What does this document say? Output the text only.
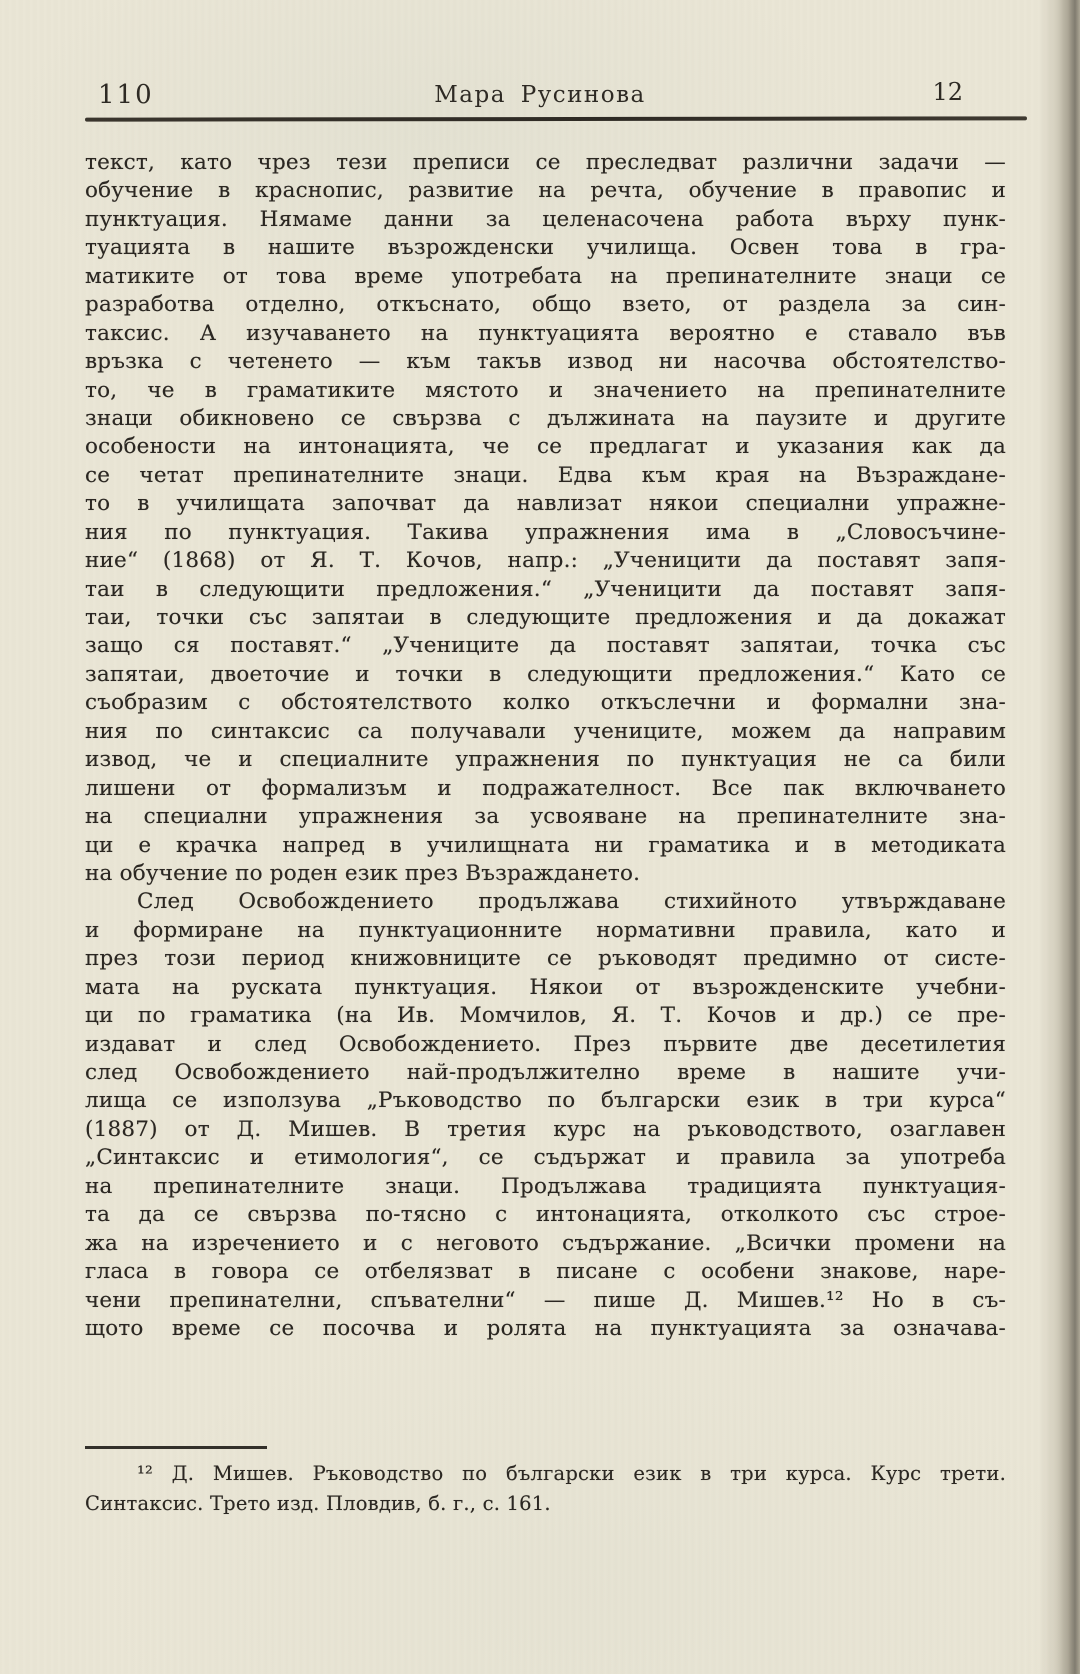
110	Мара Русинова	12
текст, като чрез тези преписи се преследват различни задачи —
обучение в краснопис, развитие на речта, обучение в правопис и
пунктуация. Нямаме данни за целенасочена работа върху пунк-
туацията в нашите възрожденски училища. Освен това в гра-
матиките от това време употребата на препинателните знаци се
разработва отделно, откъснато, общо взето, от раздела за син-
таксис. А изучаването на пунктуацията вероятно е ставало във
връзка с четенето — към такъв извод ни насочва обстоятелство-
то, че в граматиките мястото и значението на препинателните
знаци обикновено се свързва с дължината на паузите и другите
особености на интонацията, че се предлагат и указания как да
се четат препинателните знаци. Едва към края на Възраждане-
то в училищата започват да навлизат някои специални упражне-
ния по пунктуация. Такива упражнения има в „Словосъчине-
ние“ (1868) от Я. Т. Кочов, напр.: „Ученицити да поставят запя-
таи в следующити предложения.“ „Ученицити да поставят запя-
таи, точки със запятаи в следующите предложения и да докажат
защо ся поставят.“ „Учениците да поставят запятаи, точка със
запятаи, двоеточие и точки в следующити предложения.“ Като се
съобразим с обстоятелството колко откъслечни и формални зна-
ния по синтаксис са получавали учениците, можем да направим
извод, че и специалните упражнения по пунктуация не са били
лишени от формализъм и подражателност. Все пак включването
на специални упражнения за усвояване на препинателните зна-
ци е крачка напред в училищната ни граматика и в методиката
на обучение по роден език през Възраждането.
След Освобождението продължава стихийното утвърждаване
и формиране на пунктуационните нормативни правила, като и
през този период книжовниците се ръководят предимно от систе-
мата на руската пунктуация. Някои от възрожденските учебни-
ци по граматика (на Ив. Момчилов, Я. Т. Кочов и др.) се пре-
издават и след Освобождението. През първите две десетилетия
след Освобождението най-продължително време в нашите учи-
лища се използува „Ръководство по български език в три курса“
(1887) от Д. Мишев. В третия курс на ръководството, озаглавен
„Синтаксис и етимология“, се съдържат и правила за употреба
на препинателните знаци. Продължава традицията пунктуация-
та да се свързва по-тясно с интонацията, отколкото със строе-
жа на изречението и с неговото съдържание. „Всички промени на
гласа в говора се отбелязват в писане с особени знакове, наре-
чени препинателни, спъвателни“ — пише Д. Мишев.¹² Но в съ-
щото време се посочва и ролята на пунктуацията за означава-
¹² Д. Мишев. Ръководство по български език в три курса. Курс трети.
Синтаксис. Трето изд. Пловдив, б. г., с. 161.
